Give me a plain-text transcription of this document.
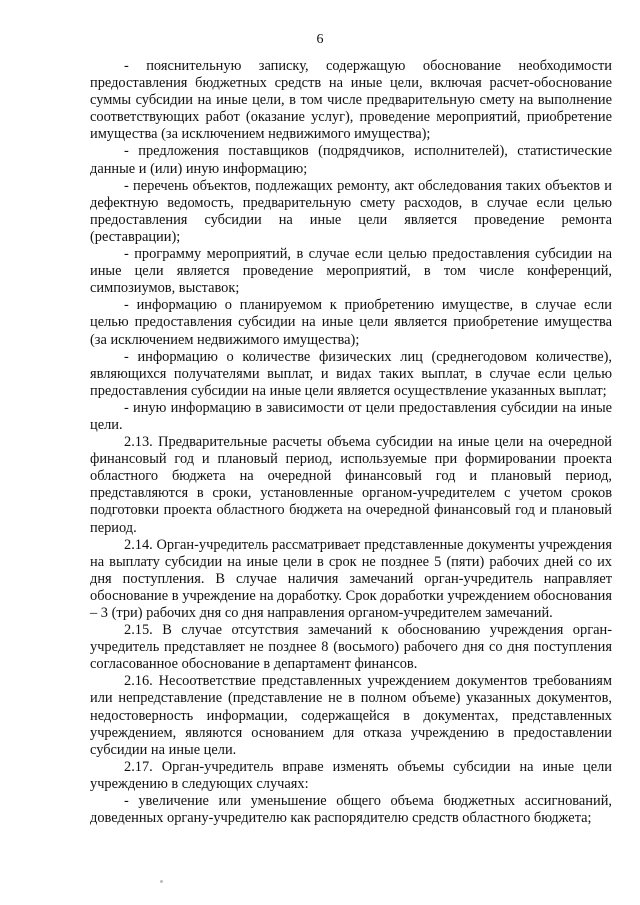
6

- пояснительную записку, содержащую обоснование необходимости предоставления бюджетных средств на иные цели, включая расчет-обоснование суммы субсидии на иные цели, в том числе предварительную смету на выполнение соответствующих работ (оказание услуг), проведение мероприятий, приобретение имущества (за исключением недвижимого имущества);

- предложения поставщиков (подрядчиков, исполнителей), статистические данные и (или) иную информацию;

- перечень объектов, подлежащих ремонту, акт обследования таких объектов и дефектную ведомость, предварительную смету расходов, в случае если целью предоставления субсидии на иные цели является проведение ремонта (реставрации);

- программу мероприятий, в случае если целью предоставления субсидии на иные цели является проведение мероприятий, в том числе конференций, симпозиумов, выставок;

- информацию о планируемом к приобретению имуществе, в случае если целью предоставления субсидии на иные цели является приобретение имущества (за исключением недвижимого имущества);

- информацию о количестве физических лиц (среднегодовом количестве), являющихся получателями выплат, и видах таких выплат, в случае если целью предоставления субсидии на иные цели является осуществление указанных выплат;

- иную информацию в зависимости от цели предоставления субсидии на иные цели.

2.13. Предварительные расчеты объема субсидии на иные цели на очередной финансовый год и плановый период, используемые при формировании проекта областного бюджета на очередной финансовый год и плановый период, представляются в сроки, установленные органом-учредителем с учетом сроков подготовки проекта областного бюджета на очередной финансовый год и плановый период.

2.14. Орган-учредитель рассматривает представленные документы учреждения на выплату субсидии на иные цели в срок не позднее 5 (пяти) рабочих дней со их дня поступления. В случае наличия замечаний орган-учредитель направляет обоснование в учреждение на доработку. Срок доработки учреждением обоснования – 3 (три) рабочих дня со дня направления органом-учредителем замечаний.

2.15. В случае отсутствия замечаний к обоснованию учреждения орган-учредитель представляет не позднее 8 (восьмого) рабочего дня со дня поступления согласованное обоснование в департамент финансов.

2.16. Несоответствие представленных учреждением документов требованиям или непредставление (представление не в полном объеме) указанных документов, недостоверность информации, содержащейся в документах, представленных учреждением, являются основанием для отказа учреждению в предоставлении субсидии на иные цели.

2.17. Орган-учредитель вправе изменять объемы субсидии на иные цели учреждению в следующих случаях:

- увеличение или уменьшение общего объема бюджетных ассигнований, доведенных органу-учредителю как распорядителю средств областного бюджета;
